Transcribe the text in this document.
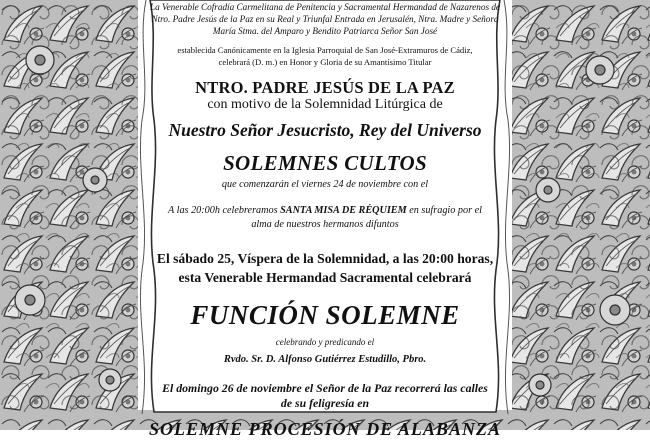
La Venerable Cofradía Carmelitana de Penitencia y Sacramental Hermandad de Nazarenos de
Ntro. Padre Jesús de la Paz en su Real y Triunfal Entrada en Jerusalén, Ntra. Madre y Señora
María Stma. del Amparo y Bendito Patriarca Señor San José
establecida Canónicamente en la Iglesia Parroquial de San José-Extramuros de Cádiz,
celebrará (D. m.) en Honor y Gloria de su Amantísimo Titular
NTRO. PADRE JESÚS DE LA PAZ
con motivo de la Solemnidad Litúrgica de
Nuestro Señor Jesucristo, Rey del Universo
SOLEMNES CULTOS
que comenzarán el viernes 24 de noviembre con el
A las 20:00h celebreramos SANTA MISA DE RÉQUIEM en sufragio por el
alma de nuestros hermanos difuntos
El sábado 25, Víspera de la Solemnidad, a las 20:00 horas,
esta Venerable Hermandad Sacramental celebrará
FUNCIÓN SOLEMNE
celebrando y predicando el
Rvdo. Sr. D. Alfonso Gutiérrez Estudillo, Pbro.
El domingo 26 de noviembre el Señor de la Paz recorrerá las calles
de su feligresía en
SOLEMNE PROCESIÓN DE ALABANZA
